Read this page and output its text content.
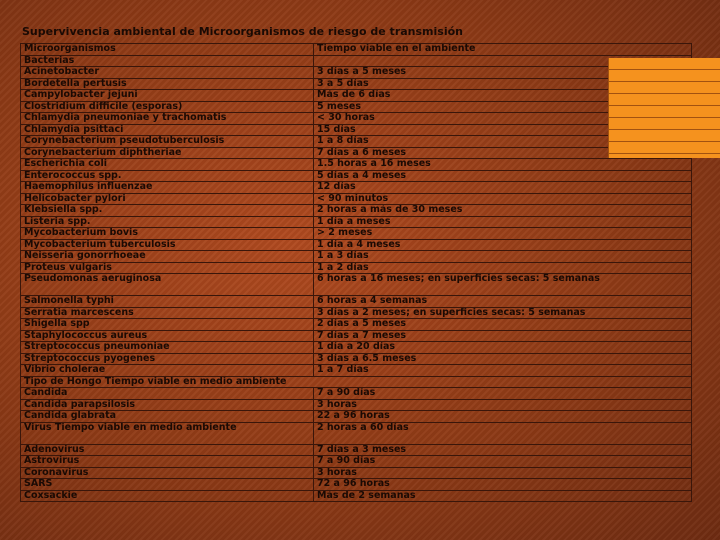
Supervivencia ambiental de Microorganismos de riesgo de transmisión
Microorganismos	Tiempo viable en el ambiente
Bacterias	
Acinetobacter	3 días a 5 meses
Bordetella pertusis	3 a 5 días
Campylobacter jejuni	Más de 6 días
Clostridium difficile (esporas)	5 meses
Chlamydia pneumoniae y trachomatis	< 30 horas
Chlamydia psittaci	15 días
Corynebacterium pseudotuberculosis	1 a 8 días
Corynebacterium diphtheriae	7 días a 6 meses
Escherichia coli	1.5 horas a 16 meses
Enterococcus spp.	5 días a 4 meses
Haemophilus influenzae	12 días
Helicobacter pylori	< 90 minutos
Klebsiella spp.	2 horas a más de 30 meses
Listeria spp.	1 día a meses
Mycobacterium bovis	> 2 meses
Mycobacterium tuberculosis	1 día a 4 meses
Neisseria gonorrhoeae	1 a 3 días
Proteus vulgaris	1 a 2 días
Pseudomonas aeruginosa	6 horas a 16 meses; en superficies secas: 5 semanas
Salmonella typhi	6 horas a 4 semanas
Serratia marcescens	3 días a 2 meses; en superficies secas: 5 semanas
Shigella spp	2 días a 5 meses
Staphylococcus aureus	7 días a 7 meses
Streptococcus pneumoniae	1 día a 20 días
Streptococcus pyogenes	3 días a 6.5 meses
Vibrio cholerae	1 a 7 días
Tipo de Hongo Tiempo viable en medio ambiente	
Candida	7 a 90 días
Candida parapsilosis	3 horas
Candida glabrata	22 a 96 horas
Virus Tiempo viable en medio ambiente	2 horas a 60 días
Adenovirus	7 días a 3 meses
Astrovirus	7 a 90 días
Coronavirus	3 horas
SARS	72 a 96 horas
Coxsackie	Más de 2 semanas
